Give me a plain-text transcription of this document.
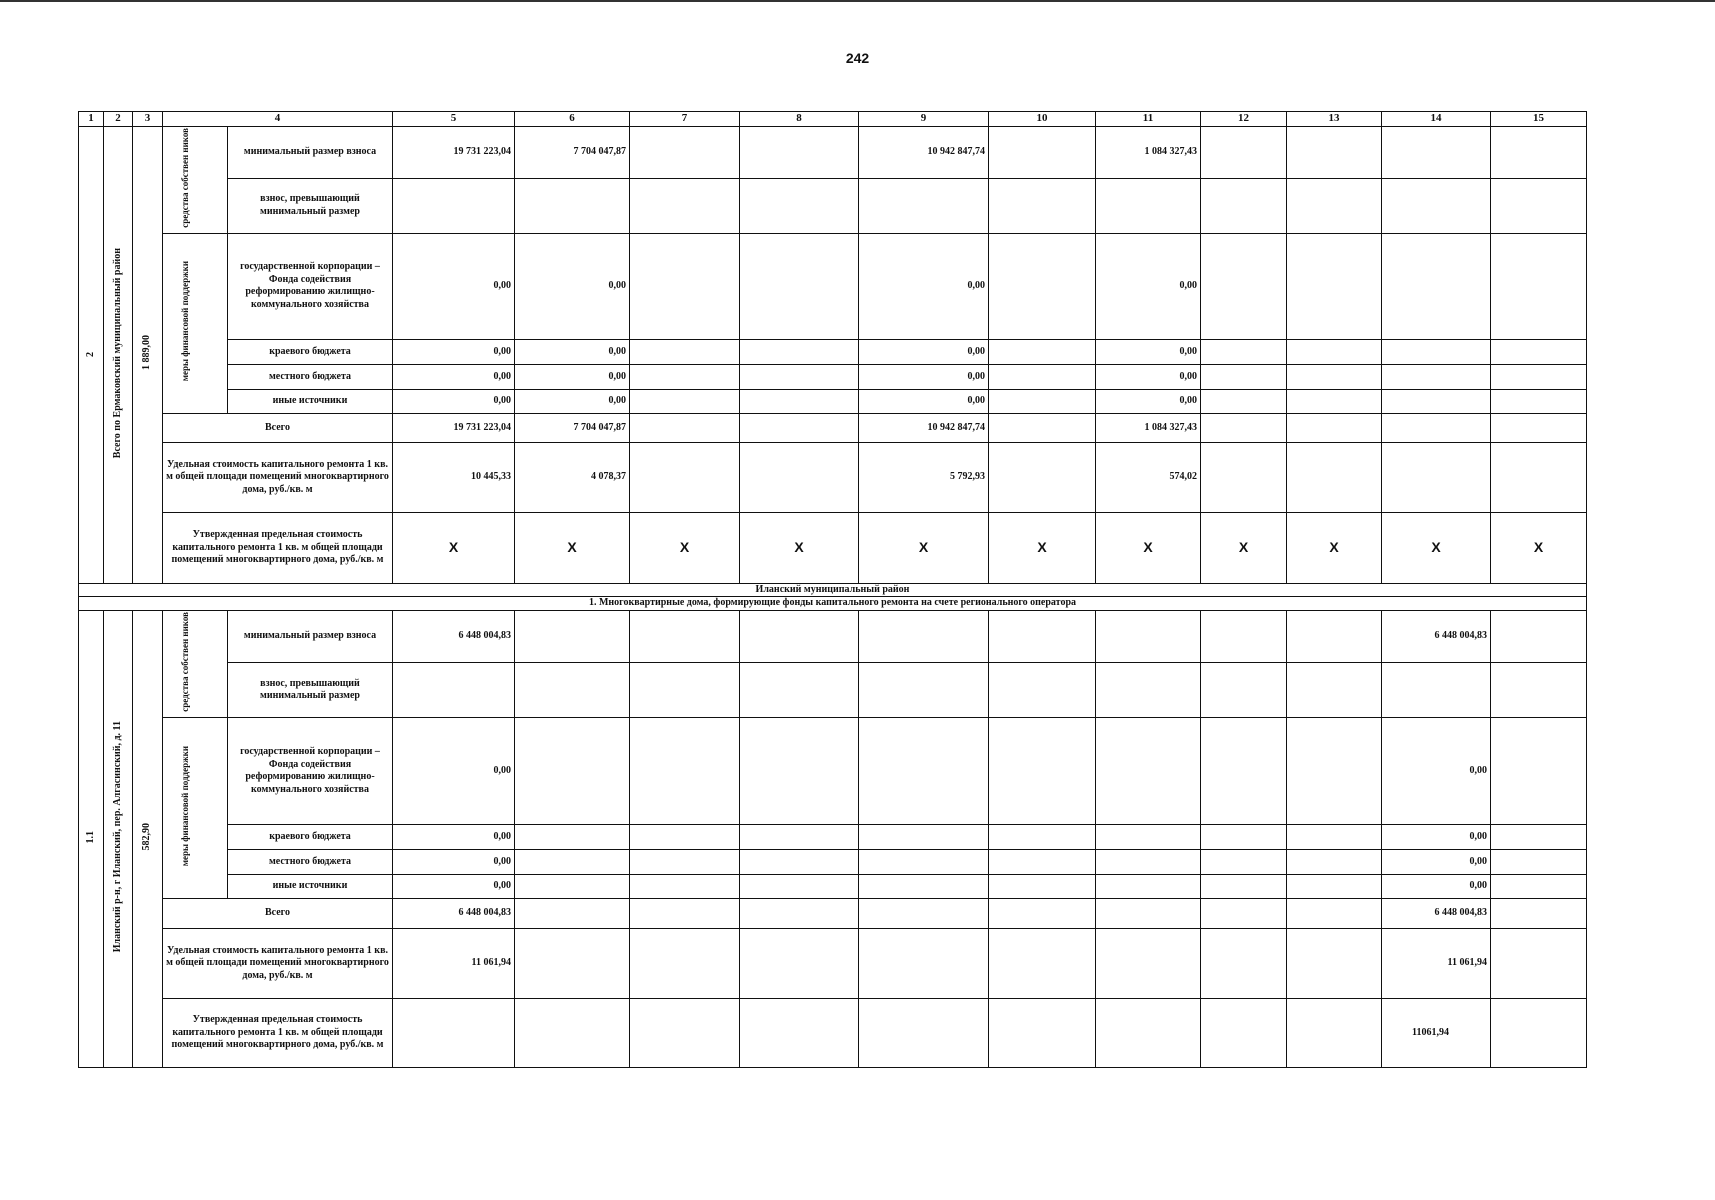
242
1	2	3	4		5	6	7	8	9	10	11	12	13	14	15
2	Всего по Ермаковский муниципальный район	1 889,00	средства собствен ников	минимальный размер взноса	19 731 223,04	7 704 047,87			10 942 847,74		1 084 327,43				
				взнос, превышающий минимальный размер											
			меры финансовой поддержки	государственной корпорации – Фонда содействия реформированию жилищно-коммунального хозяйства	0,00	0,00			0,00		0,00				
				краевого бюджета	0,00	0,00			0,00		0,00				
				местного бюджета	0,00	0,00			0,00		0,00				
				иные источники	0,00	0,00			0,00		0,00				
			Всего		19 731 223,04	7 704 047,87			10 942 847,74		1 084 327,43				
			Удельная стоимость капитального ремонта 1 кв. м общей площади помещений многоквартирного дома, руб./кв. м		10 445,33	4 078,37			5 792,93		574,02				
			Утвержденная предельная стоимость капитального ремонта 1 кв. м общей площади помещений многоквартирного дома, руб./кв. м		X	X	X	X	X	X	X	X	X	X	X
Иланский муниципальный район															
1. Многоквартирные дома, формирующие фонды капитального ремонта на счете регионального оператора															
1.1	Иланский р-н, г Иланский, пер. Алгасинский, д. 11	582,90	средства собствен ников	минимальный размер взноса	6 448 004,83									6 448 004,83	
				взнос, превышающий минимальный размер											
			меры финансовой поддержки	государственной корпорации – Фонда содействия реформированию жилищно-коммунального хозяйства	0,00									0,00	
				краевого бюджета	0,00									0,00	
				местного бюджета	0,00									0,00	
				иные источники	0,00									0,00	
			Всего		6 448 004,83									6 448 004,83	
			Удельная стоимость капитального ремонта 1 кв. м общей площади помещений многоквартирного дома, руб./кв. м		11 061,94									11 061,94	
			Утвержденная предельная стоимость капитального ремонта 1 кв. м общей площади помещений многоквартирного дома, руб./кв. м											11061,94	
